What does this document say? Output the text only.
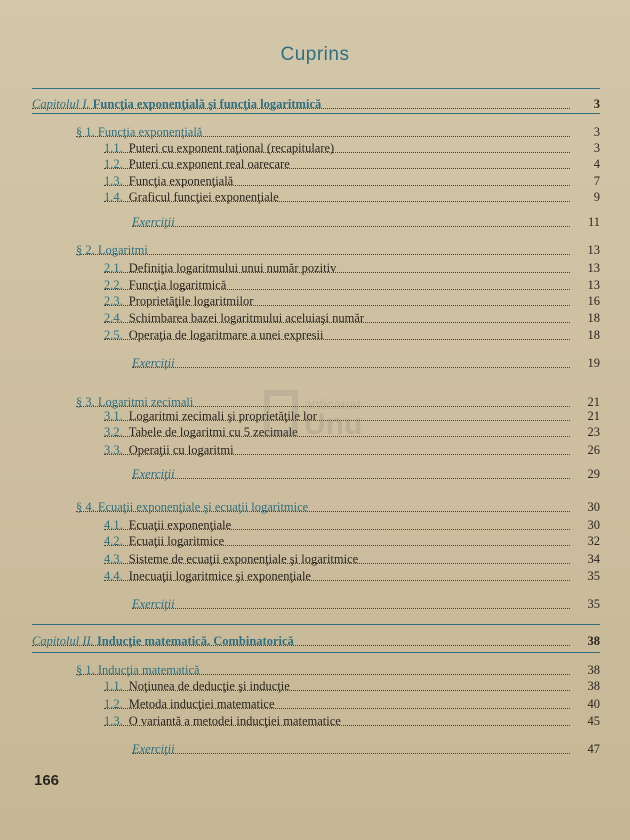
Cuprins
Capitolul I. Funcţia exponenţială şi funcţia logaritmică	3
§ 1. Funcţia exponenţială	3
1.1. Puteri cu exponent raţional (recapitulare)	3
1.2. Puteri cu exponent real oarecare	4
1.3. Funcţia exponenţială	7
1.4. Graficul funcţiei exponenţiale	9
Exerciţii	11
§ 2. Logaritmi	13
2.1. Definiţia logaritmului unui număr pozitiv	13
2.2. Funcţia logaritmică	13
2.3. Proprietăţile logaritmilor	16
2.4. Schimbarea bazei logaritmului aceluiaşi număr	18
2.5. Operaţia de logaritmare a unei expresii	18
Exerciţii	19
§ 3. Logaritmi zecimali	21
3.1. Logaritmi zecimali şi proprietăţile lor	21
3.2. Tabele de logaritmi cu 5 zecimale	23
3.3. Operaţii cu logaritmi	26
Exerciţii	29
§ 4. Ecuaţii exponenţiale şi ecuaţii logaritmice	30
4.1. Ecuaţii exponenţiale	30
4.2. Ecuaţii logaritmice	32
4.3. Sisteme de ecuaţii exponenţiale şi logaritmice	34
4.4. Inecuaţii logaritmice şi exponenţiale	35
Exerciţii	35
Capitolul II. Inducţie matematică. Combinatorică	38
§ 1. Inducţia matematică	38
1.1. Noţiunea de deducţie şi inducţie	38
1.2. Metoda inducţiei matematice	40
1.3. O variantă a metodei inducţiei matematice	45
Exerciţii	47
anticariat
Unu
166
